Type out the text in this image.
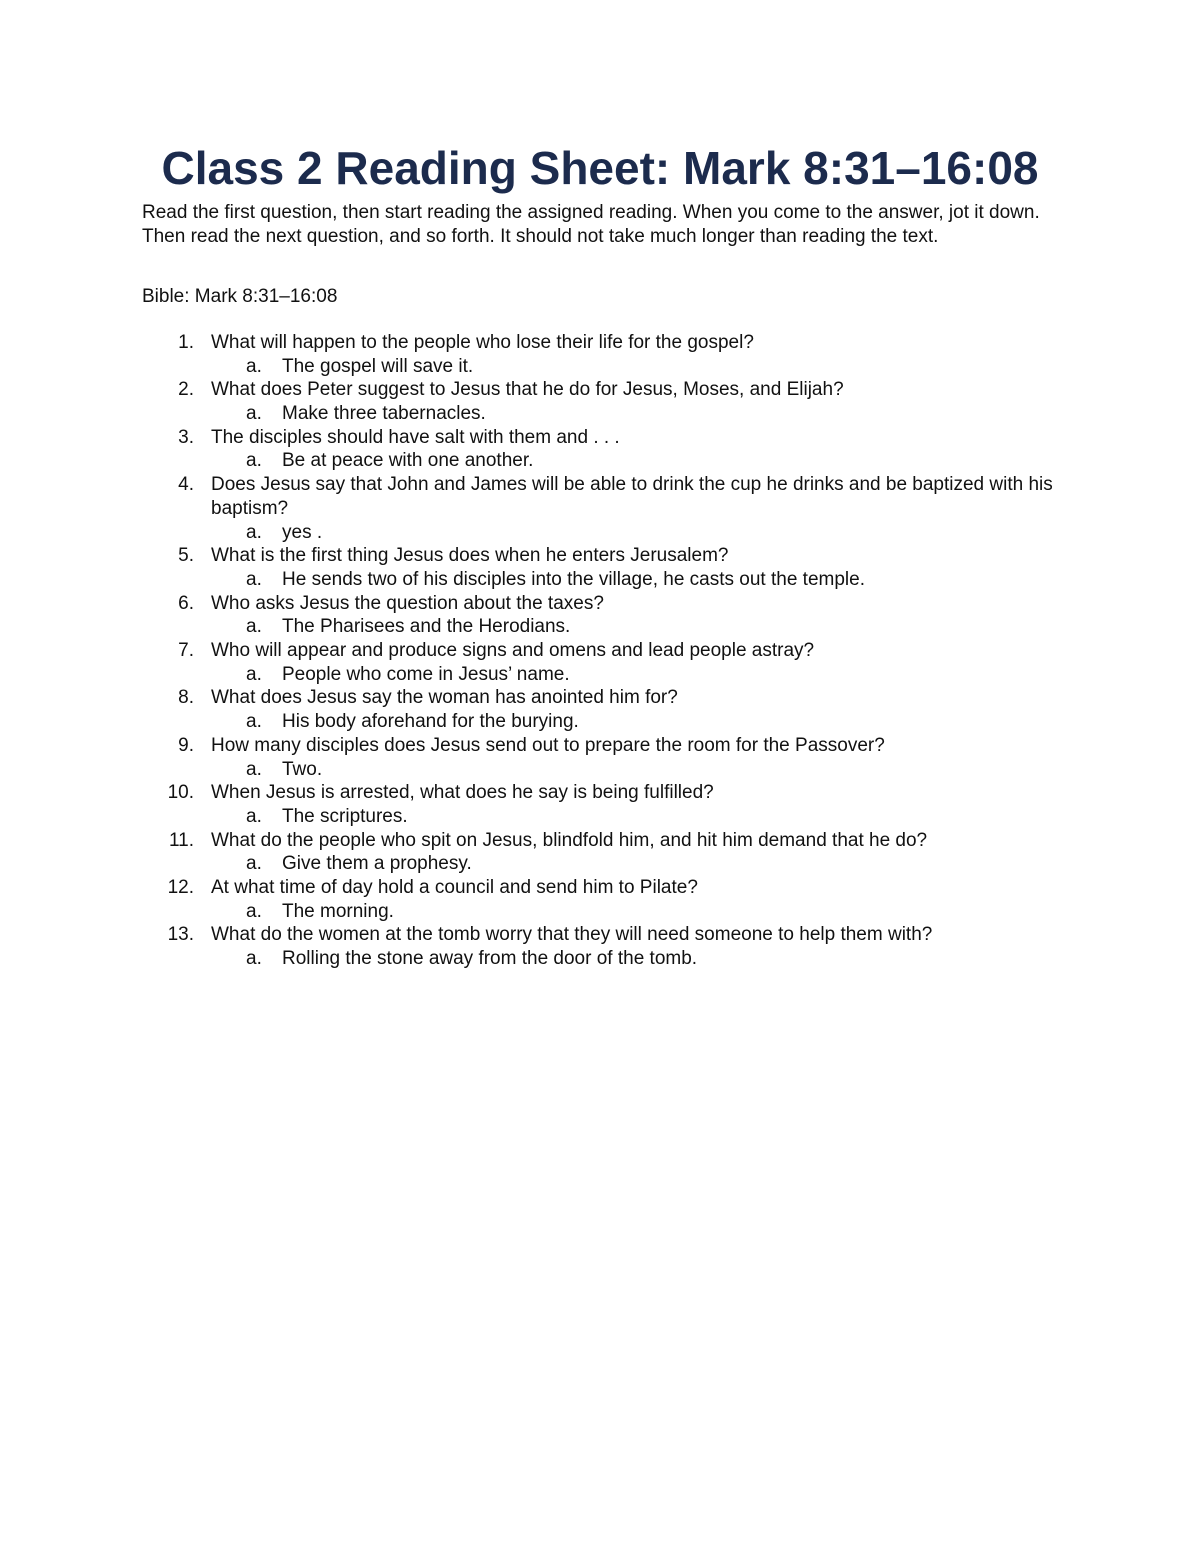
Class 2 Reading Sheet: Mark 8:31–16:08

Read the first question, then start reading the assigned reading. When you come to the answer, jot it down. Then read the next question, and so forth. It should not take much longer than reading the text.

Bible: Mark 8:31–16:08

1. What will happen to the people who lose their life for the gospel?
a. The gospel will save it.
2. What does Peter suggest to Jesus that he do for Jesus, Moses, and Elijah?
a. Make three tabernacles.
3. The disciples should have salt with them and . . .
a. Be at peace with one another.
4. Does Jesus say that John and James will be able to drink the cup he drinks and be baptized with his baptism?
a. yes .
5. What is the first thing Jesus does when he enters Jerusalem?
a. He sends two of his disciples into the village, he casts out the temple.
6. Who asks Jesus the question about the taxes?
a. The Pharisees and the Herodians.
7. Who will appear and produce signs and omens and lead people astray?
a. People who come in Jesus’ name.
8. What does Jesus say the woman has anointed him for?
a. His body aforehand for the burying.
9. How many disciples does Jesus send out to prepare the room for the Passover?
a. Two.
10. When Jesus is arrested, what does he say is being fulfilled?
a. The scriptures.
11. What do the people who spit on Jesus, blindfold him, and hit him demand that he do?
a. Give them a prophesy.
12. At what time of day hold a council and send him to Pilate?
a. The morning.
13. What do the women at the tomb worry that they will need someone to help them with?
a. Rolling the stone away from the door of the tomb.
